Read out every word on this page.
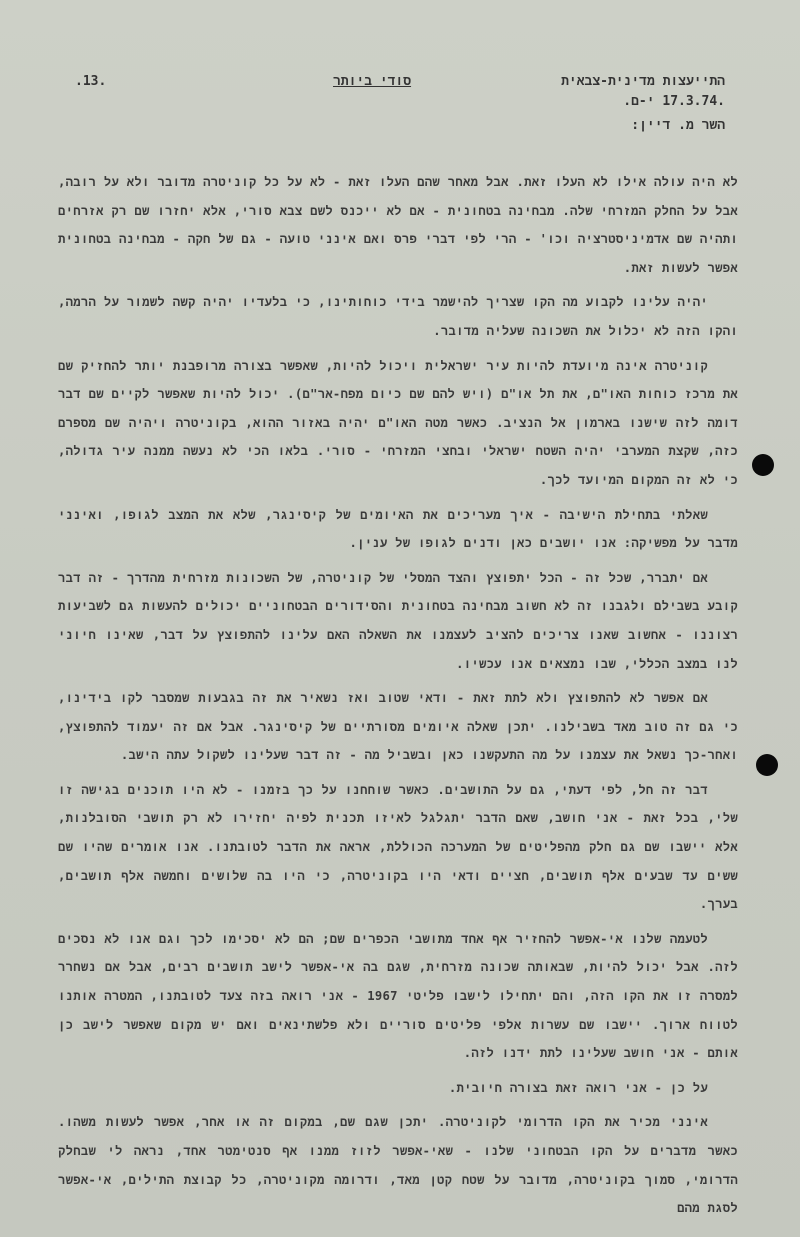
.13.	סודי ביותר	התייעצות מדינית-צבאית
.17.3.74 י-ם.
השר מ. דיין:

לא היה עולה אילו לא העלו זאת. אבל מאחר שהם העלו זאת - לא על כל קוניטרה מדובר ולא על רובה, אבל על החלק המזרחי שלה. מבחינה בטחונית - אם לא ייכנס לשם צבא סורי, אלא יחזרו שם רק אזרחים ותהיה שם אדמיניסטרציה וכו' - הרי לפי דברי פרס ואם אינני טועה - גם של חקה - מבחינה בטחונית אפשר לעשות זאת.

יהיה עלינו לקבוע מה הקו שצריך להישמר בידי כוחותינו, כי בלעדיו יהיה קשה לשמור על הרמה, והקו הזה לא יכלול את השכונה שעליה מדובר.

קוניטרה אינה מיועדת להיות עיר ישראלית ויכול להיות, שאפשר בצורה מרופבנת יותר להחזיק שם את מרכז כוחות האו"ם, את תל או"ם (ויש להם שם כיום מפח-אר"ם). יכול להיות שאפשר לקיים שם דבר דומה לזה שישנו בארמון אל הנציב. כאשר מטה האו"ם יהיה באזור ההוא, בקוניטרה ויהיה שם מספרם כזה, שקצת המערבי יהיה השטח ישראלי ובחצי המזרחי - סורי. בלאו הכי לא נעשה ממנה עיר גדולה, כי לא זה המקום המיועד לכך.

שאלתי בתחילת הישיבה - איך מעריכים את האיומים של קיסינגר, שלא את המצב לגופו, ואינני מדבר על מפשיקה: אנו יושבים כאן ודנים לגופו של ענין.

אם יתברר, שכל זה - הכל יתפוצץ והצד המסלי של קוניטרה, של השכונות מזרחית מהדרך - זה דבר קובע בשבילם ולגבנו זה לא חשוב מבחינה בטחונית והסידורים הבטחוניים יכולים להעשות גם לשביעות רצוננו - אחשוב שאנו צריכים להציב לעצמנו את השאלה האם עלינו להתפוצץ על דבר, שאינו חיוני לנו במצב הכללי, שבו נמצאים אנו עכשיו.

אם אפשר לא להתפוצץ ולא לתת זאת - ודאי שטוב ואז נשאיר את זה בגבעות שמסבר לקו בידינו, כי גם זה טוב מאד בשבילנו. יתכן שאלה איומים מסורתיים של קיסינגר. אבל אם זה יעמוד להתפוצץ, ואחר-כך נשאל את עצמנו על מה התעקשנו כאן ובשביל מה - זה דבר שעלינו לשקול עתה הישב.

דבר זה חל, לפי דעתי, גם על התושבים. כאשר שוחחנו על כך בזמנו - לא היו תוכנים בגישה זו שלי, בכל זאת - אני חושב, שאם הדבר יתגלגל לאיזו תכנית לפיה יחזירו לא רק תושבי הסובלנות, אלא יישבו שם גם חלק מהפליטים של המערכה הכוללת, אראה את הדבר לטובתנו. אנו אומרים שהיו שם ששים עד שבעים אלף תושבים, חציים ודאי היו בקוניטרה, כי היו בה שלושים וחמשה אלף תושבים, בערך.

לטעמה שלנו אי-אפשר להחזיר אף אחד מתושבי הכפרים שם; הם לא יסכימו לכך וגם אנו לא נסכים לזה. אבל יכול להיות, שבאותה שכונה מזרחית, שגם בה אי-אפשר לישב תושבים רבים, אבל אם נשחרר למסרה זו את הקו הזה, והם יתחילו לישבו פליטי 1967 - אני רואה בזה צעד לטובתנו, המטרה אותנו לטווח ארוך. יישבו שם עשרות אלפי פליטים סוריים ולא פלשתינאים ואם יש מקום שאפשר לישב כן אותם - אני חושב שעלינו לתת ידנו לזה.

על כן - אני רואה זאת בצורה חיובית.

אינני מכיר את הקו הדרומי לקוניטרה. יתכן שגם שם, במקום זה או אחר, אפשר לעשות משהו. כאשר מדברים על הקו הבטחוני שלנו - שאי-אפשר לזוז ממנו אף סנטימטר אחד, נראה לי שבחלק הדרומי, סמוך בקוניטרה, מדובר על שטח קטן מאד, ודרומה מקוניטרה, כל קבוצת התילים, אי-אפשר לסגת מהם
